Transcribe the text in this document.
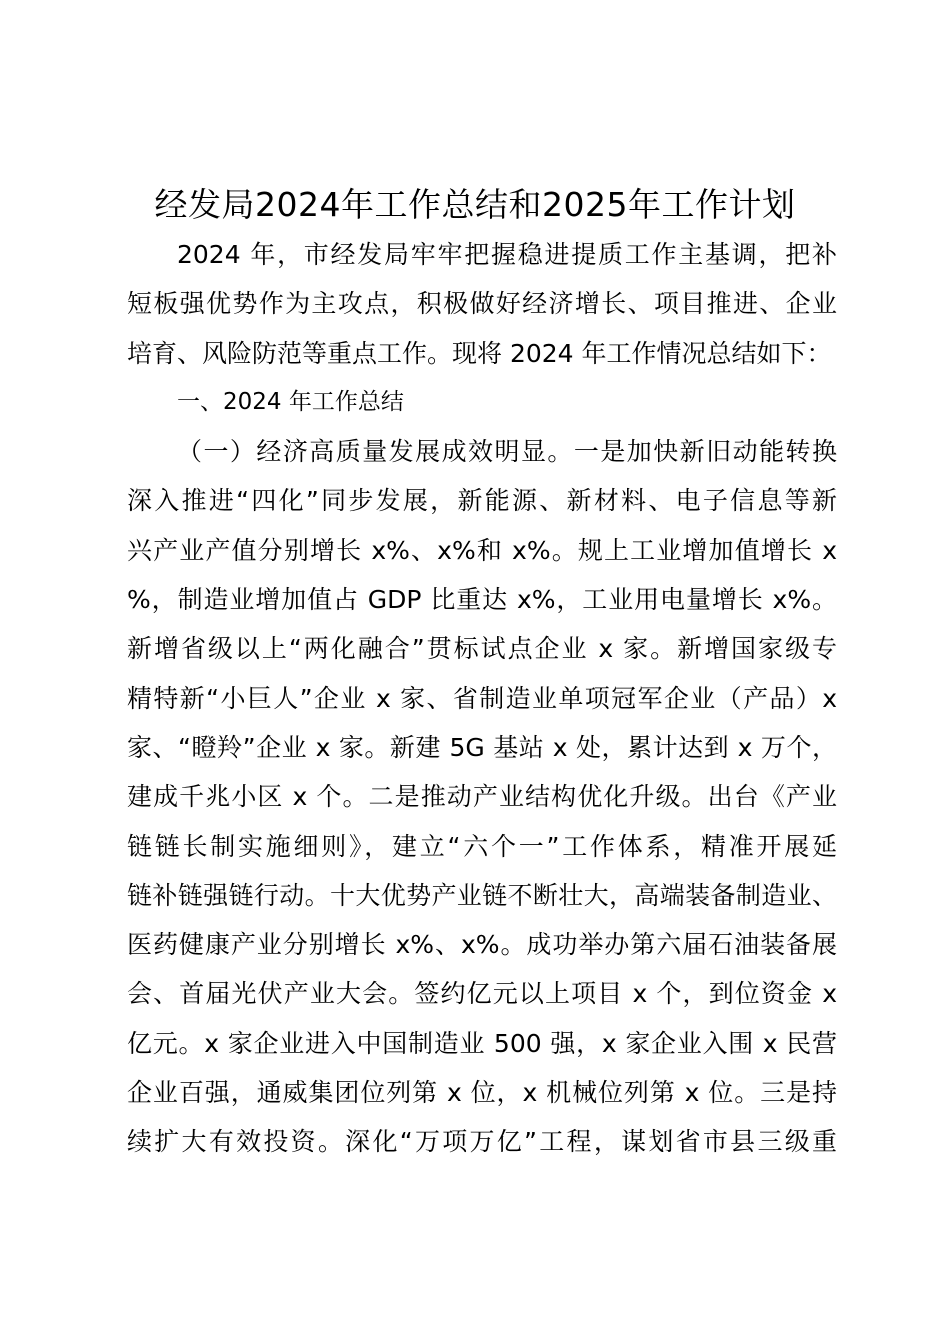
经发局2024年工作总结和2025年工作计划
2024 年，市经发局牢牢把握稳进提质工作主基调，把补
短板强优势作为主攻点，积极做好经济增长、项目推进、企业
培育、风险防范等重点工作。现将 2024 年工作情况总结如下：
一、2024 年工作总结
（一）经济高质量发展成效明显。一是加快新旧动能转换
深入推进“四化”同步发展，新能源、新材料、电子信息等新
兴产业产值分别增长 x%、x%和 x%。规上工业增加值增长 x
%，制造业增加值占 GDP 比重达 x%，工业用电量增长 x%。
新增省级以上“两化融合”贯标试点企业 x 家。新增国家级专
精特新“小巨人”企业 x 家、省制造业单项冠军企业（产品）x
家、“瞪羚”企业 x 家。新建 5G 基站 x 处，累计达到 x 万个，
建成千兆小区 x 个。二是推动产业结构优化升级。出台《产业
链链长制实施细则》，建立“六个一”工作体系，精准开展延
链补链强链行动。十大优势产业链不断壮大，高端装备制造业、
医药健康产业分别增长 x%、x%。成功举办第六届石油装备展
会、首届光伏产业大会。签约亿元以上项目 x 个，到位资金 x
亿元。x 家企业进入中国制造业 500 强，x 家企业入围 x 民营
企业百强，通威集团位列第 x 位，x 机械位列第 x 位。三是持
续扩大有效投资。深化“万项万亿”工程，谋划省市县三级重
